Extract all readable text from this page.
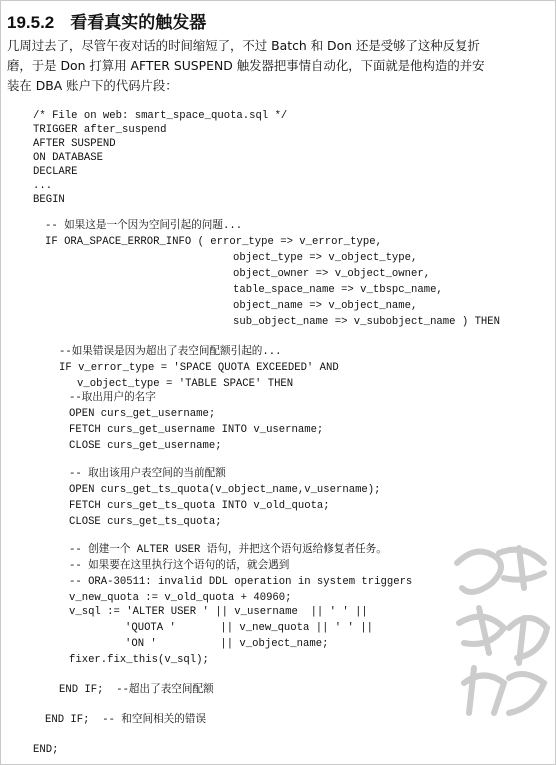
19.5.2 看看真实的触发器
几周过去了，尽管午夜对话的时间缩短了，不过 Batch 和 Don 还是受够了这种反复折
磨，于是 Don 打算用 AFTER SUSPEND 触发器把事情自动化，下面就是他构造的并安
装在 DBA 账户下的代码片段：
/* File on web: smart_space_quota.sql */
TRIGGER after_suspend
AFTER SUSPEND
ON DATABASE
DECLARE
...
BEGIN
-- 如果这是一个因为空间引起的问题...
IF ORA_SPACE_ERROR_INFO ( error_type => v_error_type,
object_type => v_object_type,
object_owner => v_object_owner,
table_space_name => v_tbspc_name,
object_name => v_object_name,
sub_object_name => v_subobject_name ) THEN
--如果错误是因为超出了表空间配额引起的...
IF v_error_type = 'SPACE QUOTA EXCEEDED' AND
v_object_type = 'TABLE SPACE' THEN
--取出用户的名字
OPEN curs_get_username;
FETCH curs_get_username INTO v_username;
CLOSE curs_get_username;
-- 取出该用户表空间的当前配额
OPEN curs_get_ts_quota(v_object_name,v_username);
FETCH curs_get_ts_quota INTO v_old_quota;
CLOSE curs_get_ts_quota;
-- 创建一个 ALTER USER 语句，并把这个语句返给修复者任务。
-- 如果要在这里执行这个语句的话，就会遇到
-- ORA-30511: invalid DDL operation in system triggers
v_new_quota := v_old_quota + 40960;
v_sql := 'ALTER USER ' || v_username  || ' ' ||
'QUOTA '       || v_new_quota || ' ' ||
'ON '          || v_object_name;
fixer.fix_this(v_sql);
END IF;  --超出了表空间配额
END IF;  -- 和空间相关的错误
END;
